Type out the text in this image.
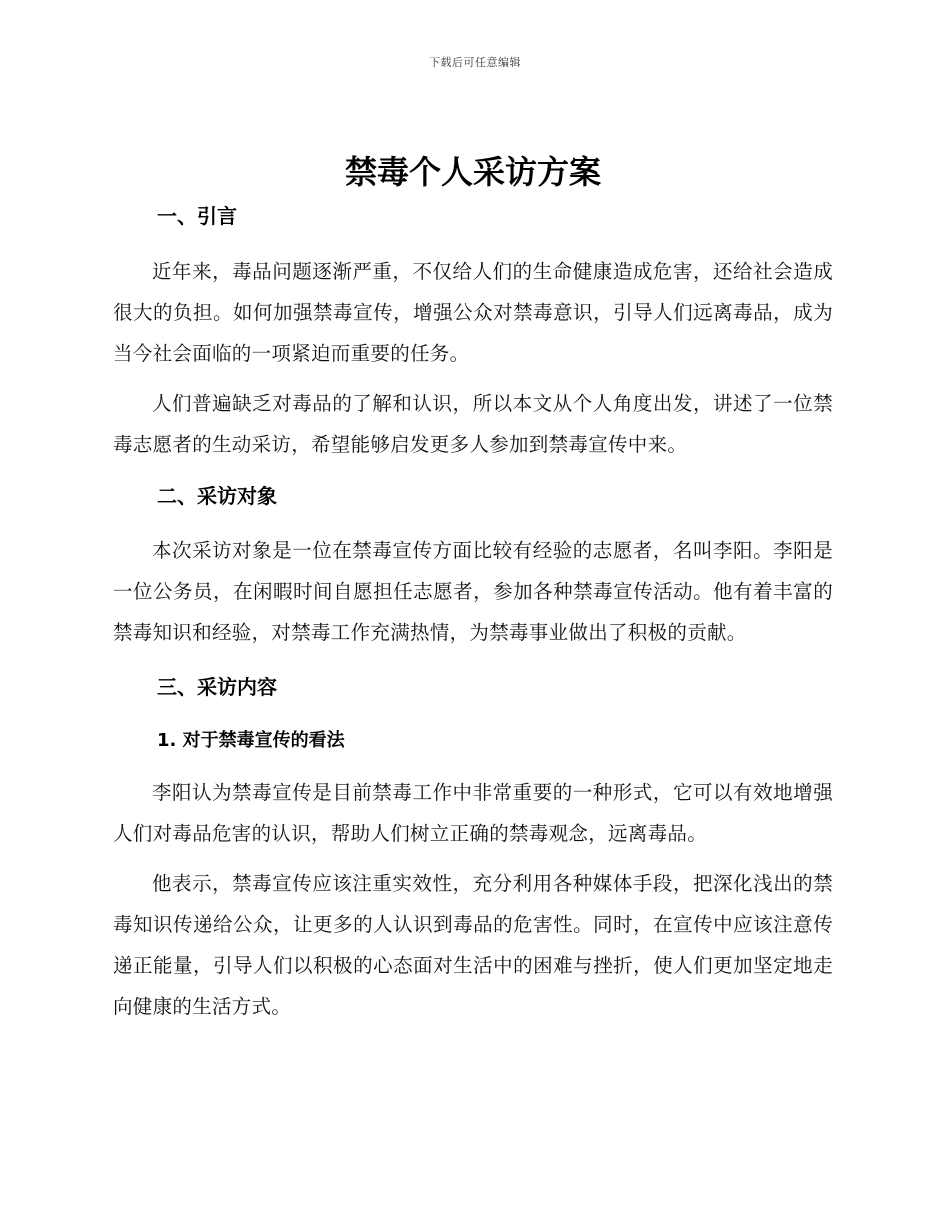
下载后可任意编辑
禁毒个人采访方案
一、引言

近年来，毒品问题逐渐严重，不仅给人们的生命健康造成危害，还给社会造成很大的负担。如何加强禁毒宣传，增强公众对禁毒意识，引导人们远离毒品，成为当今社会面临的一项紧迫而重要的任务。

人们普遍缺乏对毒品的了解和认识，所以本文从个人角度出发，讲述了一位禁毒志愿者的生动采访，希望能够启发更多人参加到禁毒宣传中来。

二、采访对象

本次采访对象是一位在禁毒宣传方面比较有经验的志愿者，名叫李阳。李阳是一位公务员，在闲暇时间自愿担任志愿者，参加各种禁毒宣传活动。他有着丰富的禁毒知识和经验，对禁毒工作充满热情，为禁毒事业做出了积极的贡献。

三、采访内容
1. 对于禁毒宣传的看法

李阳认为禁毒宣传是目前禁毒工作中非常重要的一种形式，它可以有效地增强人们对毒品危害的认识，帮助人们树立正确的禁毒观念，远离毒品。

他表示，禁毒宣传应该注重实效性，充分利用各种媒体手段，把深化浅出的禁毒知识传递给公众，让更多的人认识到毒品的危害性。同时，在宣传中应该注意传递正能量，引导人们以积极的心态面对生活中的困难与挫折，使人们更加坚定地走向健康的生活方式。
